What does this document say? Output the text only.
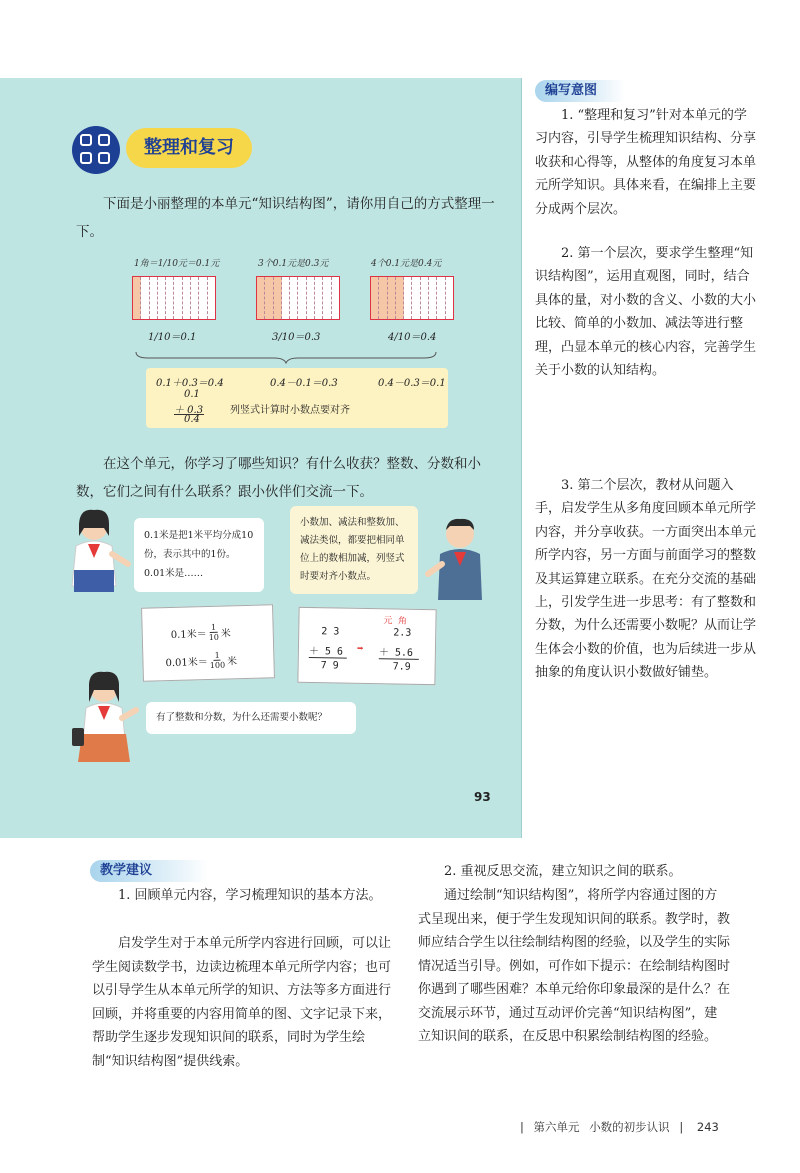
整理和复习

下面是小丽整理的本单元“知识结构图”，请你用自己的方式整理一下。

1角＝1/10元＝0.1元	3个0.1元是0.3元	4个0.1元是0.4元
1/10＝0.1	3/10＝0.3	4/10＝0.4
0.1＋0.3＝0.4	0.4－0.1＝0.3	0.4－0.3＝0.1
0.1
＋ 0.3
0.4
列竖式计算时小数点要对齐

在这个单元，你学习了哪些知识？有什么收获？整数、分数和小数，它们之间有什么联系？跟小伙伴们交流一下。

0.1米是把1米平均分成10份，表示其中的1份。0.01米是……
小数加、减法和整数加、减法类似，都要把相同单位上的数相加减，列竖式时要对齐小数点。
0.1米＝ $\frac{1}{10}$ 米
0.01米＝ $\frac{1}{100}$ 米
元 角
2 3
＋ 5 6
7 9
➡
2.3
＋ 5.6
7.9
有了整数和分数，为什么还需要小数呢？
93
编写意图

1. “整理和复习”针对本单元的学习内容，引导学生梳理知识结构、分享收获和心得等，从整体的角度复习本单元所学知识。具体来看，在编排上主要分成两个层次。

2. 第一个层次，要求学生整理“知识结构图”，运用直观图，同时，结合具体的量，对小数的含义、小数的大小比较、简单的小数加、减法等进行整理，凸显本单元的核心内容，完善学生关于小数的认知结构。

3. 第二个层次，教材从问题入手，启发学生从多角度回顾本单元所学内容，并分享收获。一方面突出本单元所学内容，另一方面与前面学习的整数及其运算建立联系。在充分交流的基础上，引发学生进一步思考：有了整数和分数，为什么还需要小数呢？从而让学生体会小数的价值，也为后续进一步从抽象的角度认识小数做好铺垫。

教学建议

1. 回顾单元内容，学习梳理知识的基本方法。

启发学生对于本单元所学内容进行回顾，可以让学生阅读数学书，边读边梳理本单元所学内容；也可以引导学生从本单元所学的知识、方法等多方面进行回顾，并将重要的内容用简单的图、文字记录下来，帮助学生逐步发现知识间的联系，同时为学生绘制“知识结构图”提供线索。

2. 重视反思交流，建立知识之间的联系。

通过绘制“知识结构图”，将所学内容通过图的方式呈现出来，便于学生发现知识间的联系。教学时，教师应结合学生以往绘制结构图的经验，以及学生的实际情况适当引导。例如，可作如下提示：在绘制结构图时你遇到了哪些困难？本单元给你印象最深的是什么？在交流展示环节，通过互动评价完善“知识结构图”，建立知识间的联系，在反思中积累绘制结构图的经验。

| 第六单元 小数的初步认识 | 243
